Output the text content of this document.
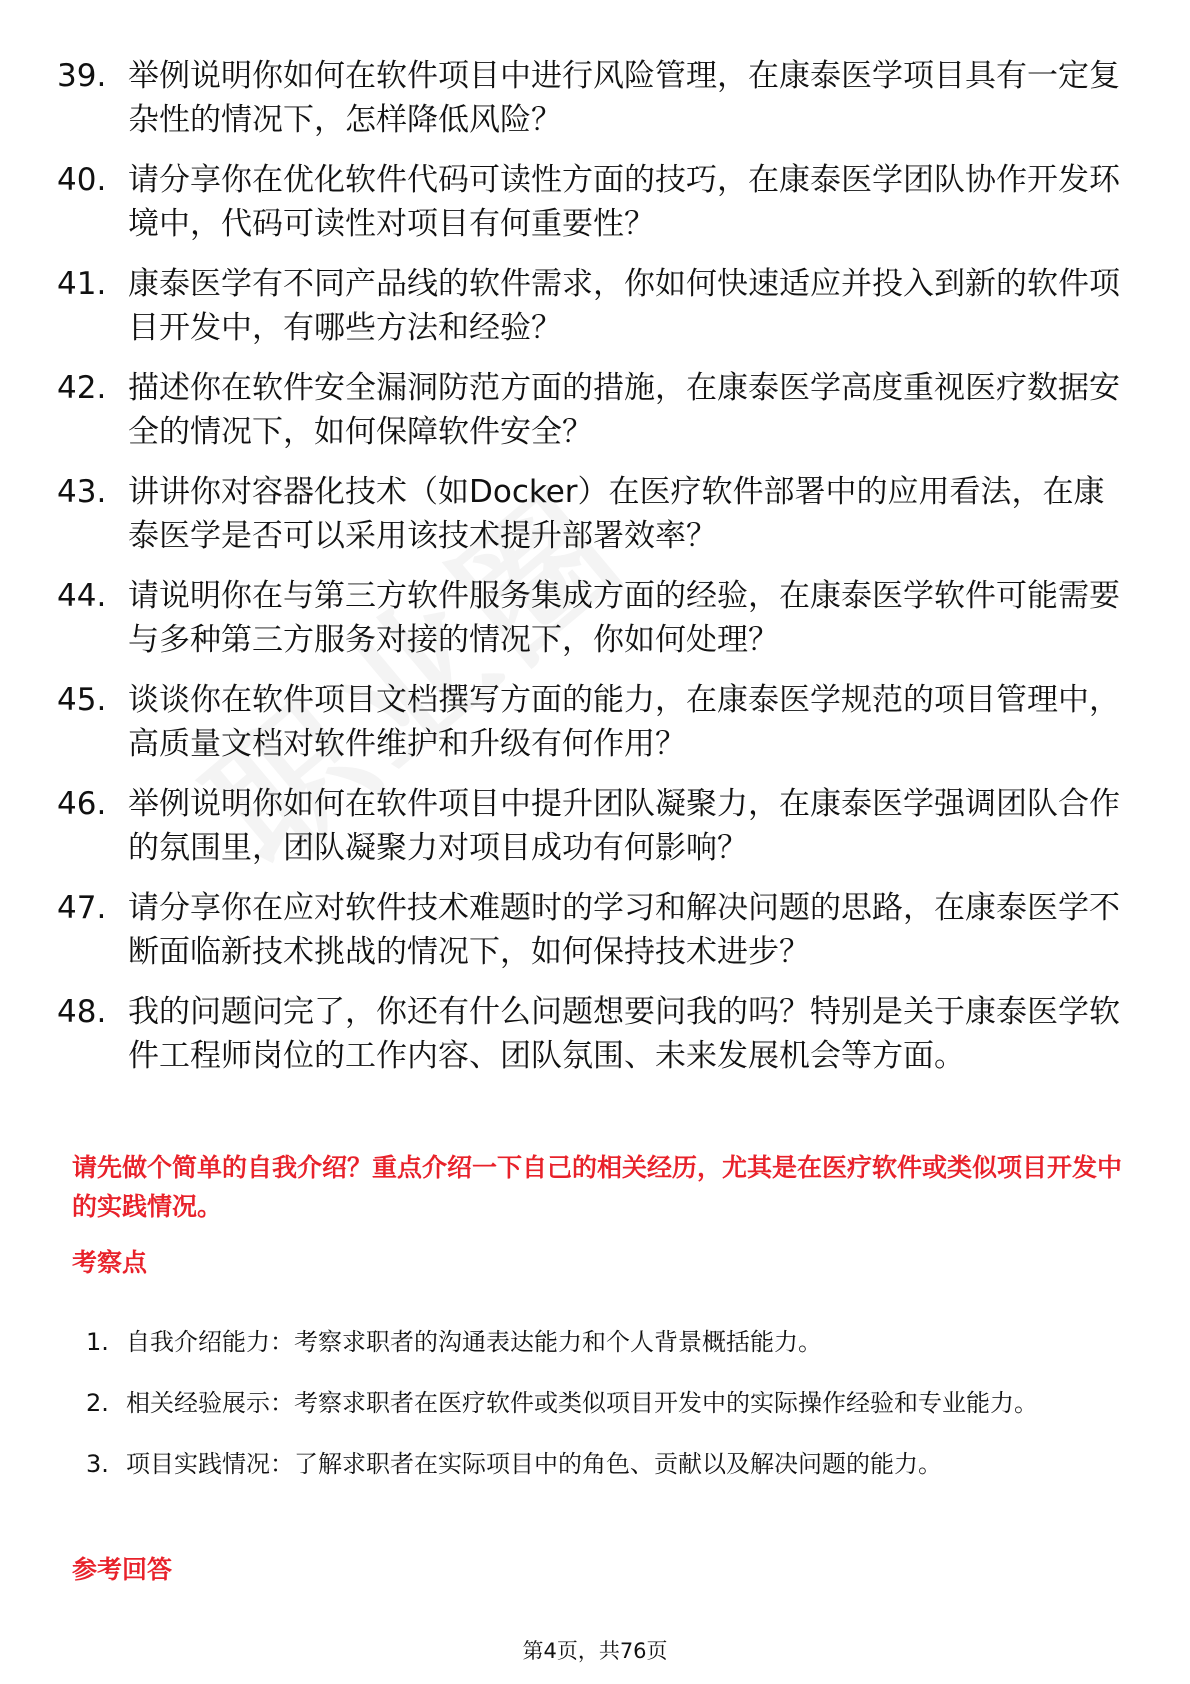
39. 举例说明你如何在软件项目中进行风险管理，在康泰医学项目具有一定复杂性的情况下，怎样降低风险？
40. 请分享你在优化软件代码可读性方面的技巧，在康泰医学团队协作开发环境中，代码可读性对项目有何重要性？
41. 康泰医学有不同产品线的软件需求，你如何快速适应并投入到新的软件项目开发中，有哪些方法和经验？
42. 描述你在软件安全漏洞防范方面的措施，在康泰医学高度重视医疗数据安全的情况下，如何保障软件安全？
43. 讲讲你对容器化技术（如Docker）在医疗软件部署中的应用看法，在康泰医学是否可以采用该技术提升部署效率？
44. 请说明你在与第三方软件服务集成方面的经验，在康泰医学软件可能需要与多种第三方服务对接的情况下，你如何处理？
45. 谈谈你在软件项目文档撰写方面的能力，在康泰医学规范的项目管理中，高质量文档对软件维护和升级有何作用？
46. 举例说明你如何在软件项目中提升团队凝聚力，在康泰医学强调团队合作的氛围里，团队凝聚力对项目成功有何影响？
47. 请分享你在应对软件技术难题时的学习和解决问题的思路，在康泰医学不断面临新技术挑战的情况下，如何保持技术进步？
48. 我的问题问完了，你还有什么问题想要问我的吗？特别是关于康泰医学软件工程师岗位的工作内容、团队氛围、未来发展机会等方面。
请先做个简单的自我介绍？重点介绍一下自己的相关经历，尤其是在医疗软件或类似项目开发中的实践情况。
考察点
1. 自我介绍能力：考察求职者的沟通表达能力和个人背景概括能力。
2. 相关经验展示：考察求职者在医疗软件或类似项目开发中的实际操作经验和专业能力。
3. 项目实践情况：了解求职者在实际项目中的角色、贡献以及解决问题的能力。
参考回答
第4页，共76页
